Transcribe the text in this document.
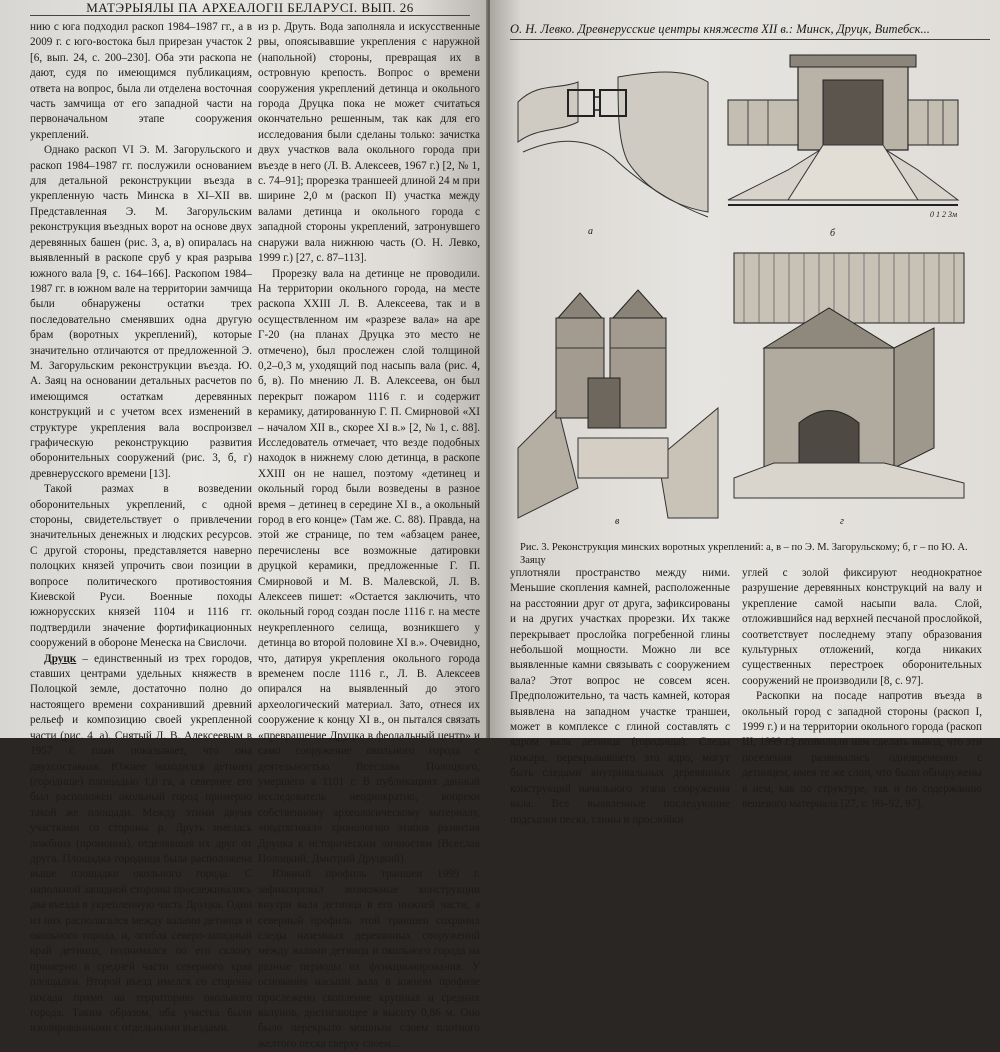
МАТЭРЫЯЛЫ ПА АРХЕАЛОГІІ БЕЛАРУСІ. ВЫП. 26

нию с юга подходил раскоп 1984–1987 гг., а в 2009 г. с юго-востока был прирезан участок 2 [6, вып. 24, с. 200–230]. Оба эти раскопа не дают, судя по имеющимся публикациям, ответа на вопрос, была ли отделена восточная часть замчища от его западной части на первоначальном этапе сооружения укреплений.

Однако раскоп VI Э. М. Загорульского и раскоп 1984–1987 гг. послужили основанием для детальной реконструкции въезда в укрепленную часть Минска в XI–XII вв. Представленная Э. М. Загорульским реконструкция въездных ворот на основе двух деревянных башен (рис. 3, а, в) опиралась на выявленный в раскопе сруб у края разрыва южного вала [9, с. 164–166]. Раскопом 1984–1987 гг. в южном вале на территории замчища были обнаружены остатки трех последовательно сменявших одна другую брам (воротных укреплений), которые значительно отличаются от предложенной Э. М. Загорульским реконструкции въезда. Ю. А. Заяц на основании детальных расчетов по имеющимся остаткам деревянных конструкций и с учетом всех изменений в структуре укрепления вала воспроизвел графическую реконструкцию развития оборонительных сооружений (рис. 3, б, г) древнерусского времени [13].

Такой размах в возведении оборонительных укреплений, с одной стороны, свидетельствует о привлечении значительных денежных и людских ресурсов. С другой стороны, представляется наверно полоцких князей упрочить свои позиции в вопросе политического противостояния Киевской Руси. Военные походы южнорусских князей 1104 и 1116 гг. подтвердили значение фортификационных сооружений в обороне Менеска на Свислочи.

Друцк – единственный из трех городов, ставших центрами удельных княжеств в Полоцкой земле, достаточно полно до настоящего времени сохранивший древний рельеф и композицию своей укрепленной части (рис. 4, а). Снятый Л. В. Алексеевым в 1957 г. план показывает, что она двухсоставная. Южнее находился детинец (городище) площадью 1,0 га, а севернее его был расположен окольный город примерно такой же площади. Между этими двумя участками со стороны р. Друть имелась ложбина (промоина), отделявшая их друг от друга. Площадка городища была расположена выше площадки окольного города. С напольной западной стороны прослеживались два въезда в укрепленную часть Друцка. Один из них располагался между валами детинца и окольного города, и, огибая северо-западный край детинца, поднимался по его склону примерно в средней части северного края площадки. Второй въезд имелся со стороны посада прямо на территорию окольного города. Таким образом, оба участка были изолированными с отдельными въездами.

из р. Друть. Вода заполняла и искусственные рвы, опоясывавшие укрепления с наружной (напольной) стороны, превращая их в островную крепость. Вопрос о времени сооружения укреплений детинца и окольного города Друцка пока не может считаться окончательно решенным, так как для его исследования были сделаны только: зачистка двух участков вала окольного города при въезде в него (Л. В. Алексеев, 1967 г.) [2, № 1, с. 74–91]; прорезка траншеей длиной 24 м при ширине 2,0 м (раскоп II) участка между валами детинца и окольного города с западной стороны укреплений, затронувшего снаружи вала нижнюю часть (О. Н. Левко, 1999 г.) [27, с. 87–113].

Прорезку вала на детинце не проводили. На территории окольного города, на месте раскопа XXIII Л. В. Алексеева, так и в осуществленном им «разрезе вала» на арe Г-20 (на планах Друцка это место не отмечено), был прослежен слой толщиной 0,2–0,3 м, уходящий под насыпь вала (рис. 4, б, в). По мнению Л. В. Алексеева, он был перекрыт пожаром 1116 г. и содержит керамику, датированную Г. П. Смирновой «XI – началом XII в., скорее XI в.» [2, № 1, с. 88]. Исследователь отмечает, что везде подобных находок в нижнему слою детинца, в раскопе XXIII он не нашел, поэтому «детинец и окольный город были возведены в разное время – детинец в середине XI в., а окольный город в его конце» (Там же. С. 88). Правда, на этой же странице, по тем «абзацем ранее, перечислены все возможные датировки друцкой керамики, предложенные Г. П. Смирновой и М. В. Малевской, Л. В. Алексеев пишет: «Остается заключить, что окольный город создан после 1116 г. на месте неукрепленного селища, возникшего у детинца во второй половине XI в.». Очевидно, что, датируя укрепления окольного города временем после 1116 г., Л. В. Алексеев опирался на выявленный до этого археологический материал. Зато, отнеся их сооружение к концу XI в., он пытался связать «превращение Друцка в феодальный центр» и само сооружение окольного города с деятельностью Всеслава Полоцкого, умершего в 1101 г. В публикациях данный исследователь неоднократно, вопреки собственному археологическому материалу, «подтягивал» хронологию этапов развития Друцка к историческим личностям (Всеслав Полоцкий, Дмитрий Друцкий).

Южный профиль траншеи 1999 г. зафиксировал возможные конструкции внутри вала детинца в его нижней части, а северный профиль этой траншеи сохранил следы наземных деревянных сооружений между валами детинца и окольного города на разные периоды их функционирования. У основания насыпи вала в южном профиле прослежено скопление крупных и средних валунов, достигающее в высоту 0,86 м. Оно было перекрыто мощным слоем плотного желтого песка сверху слоем...

О. Н. Левко. Древнерусские центры княжеств XII в.: Минск, Друцк, Витебск...
а
0 1 2 3м
б
в	г
Рис. 3. Реконструкция минских воротных укреплений: а, в – по Э. М. Загорульскому; б, г – по Ю. А. Заяцу

уплотняли пространство между ними. Меньшие скопления камней, расположенные на расстоянии друг от друга, зафиксированы и на других участках прорезки. Их также перекрывает прослойка погребенной глины небольшой мощности. Можно ли все выявленные камни связывать с сооружением вала? Этот вопрос не совсем ясен. Предположительно, та часть камней, которая выявлена на западном участке траншеи, может в комплексе с глиной составлять с ядром вала детинца (городища). Следы пожара, перекрывавшего это ядро, могут быть следами внутривальных деревянных конструкций начального этапа сооружения вала. Все выявленные последующие подсыпки песка, глины и прослойки

углей с золой фиксируют неоднократное разрушение деревянных конструкций на валу и укрепление самой насыпи вала. Слой, отложившийся над верхней песчаной прослойкой, соответствует последнему этапу образования культурных отложений, когда никаких существенных перестроек оборонительных сооружений не производили [8, с. 97].

Раскопки на посаде напротив въезда в окольный город с западной стороны (раскоп I, 1999 г.) и на территории окольного города (раскоп III, 1999 г.) позволили нам сделать вывод, что эти поселения развивались одновременно с детинцем, имея те же слои, что были обнаружены в нем, как по структуре, так и по содержанию вещевого материала [27, с. 90–92, 97].
